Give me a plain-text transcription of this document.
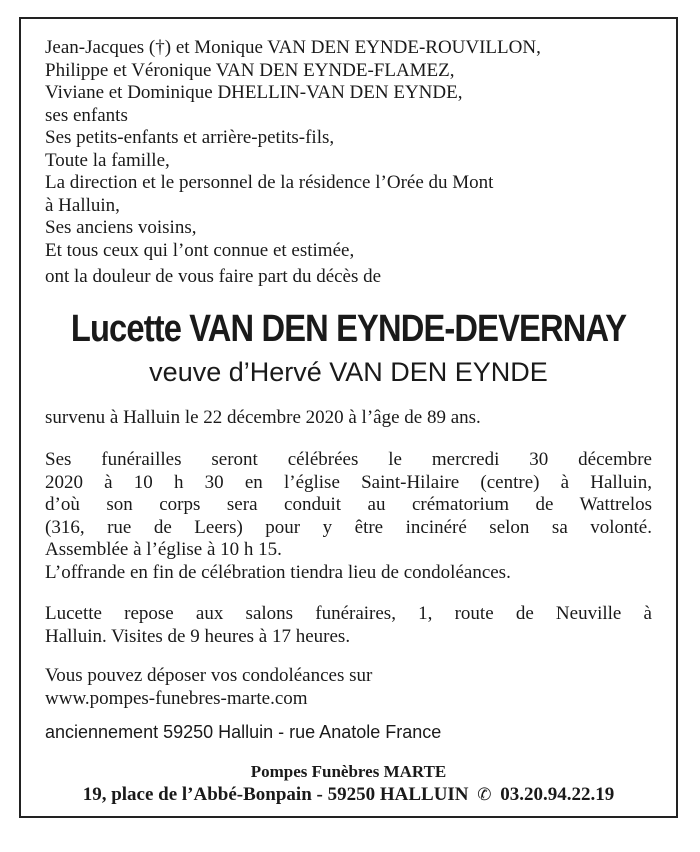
Jean-Jacques (†) et Monique VAN DEN EYNDE-ROUVILLON,
Philippe et Véronique VAN DEN EYNDE-FLAMEZ,
Viviane et Dominique DHELLIN-VAN DEN EYNDE,
ses enfants
Ses petits-enfants et arrière-petits-fils,
Toute la famille,
La direction et le personnel de la résidence l’Orée du Mont
à Halluin,
Ses anciens voisins,
Et tous ceux qui l’ont connue et estimée,
ont la douleur de vous faire part du décès de
Lucette VAN DEN EYNDE-DEVERNAY
veuve d’Hervé VAN DEN EYNDE
survenu à Halluin le 22 décembre 2020 à l’âge de 89 ans.
Ses funérailles seront célébrées le mercredi 30 décembre
2020 à 10 h 30 en l’église Saint-Hilaire (centre) à Halluin,
d’où son corps sera conduit au crématorium de Wattrelos
(316, rue de Leers) pour y être incinéré selon sa volonté.
Assemblée à l’église à 10 h 15.
L’offrande en fin de célébration tiendra lieu de condoléances.
Lucette repose aux salons funéraires, 1, route de Neuville à
Halluin. Visites de 9 heures à 17 heures.
Vous pouvez déposer vos condoléances sur
www.pompes-funebres-marte.com
anciennement 59250 Halluin - rue Anatole France
Pompes Funèbres MARTE
19, place de l’Abbé-Bonpain - 59250 HALLUIN ✆ 03.20.94.22.19
